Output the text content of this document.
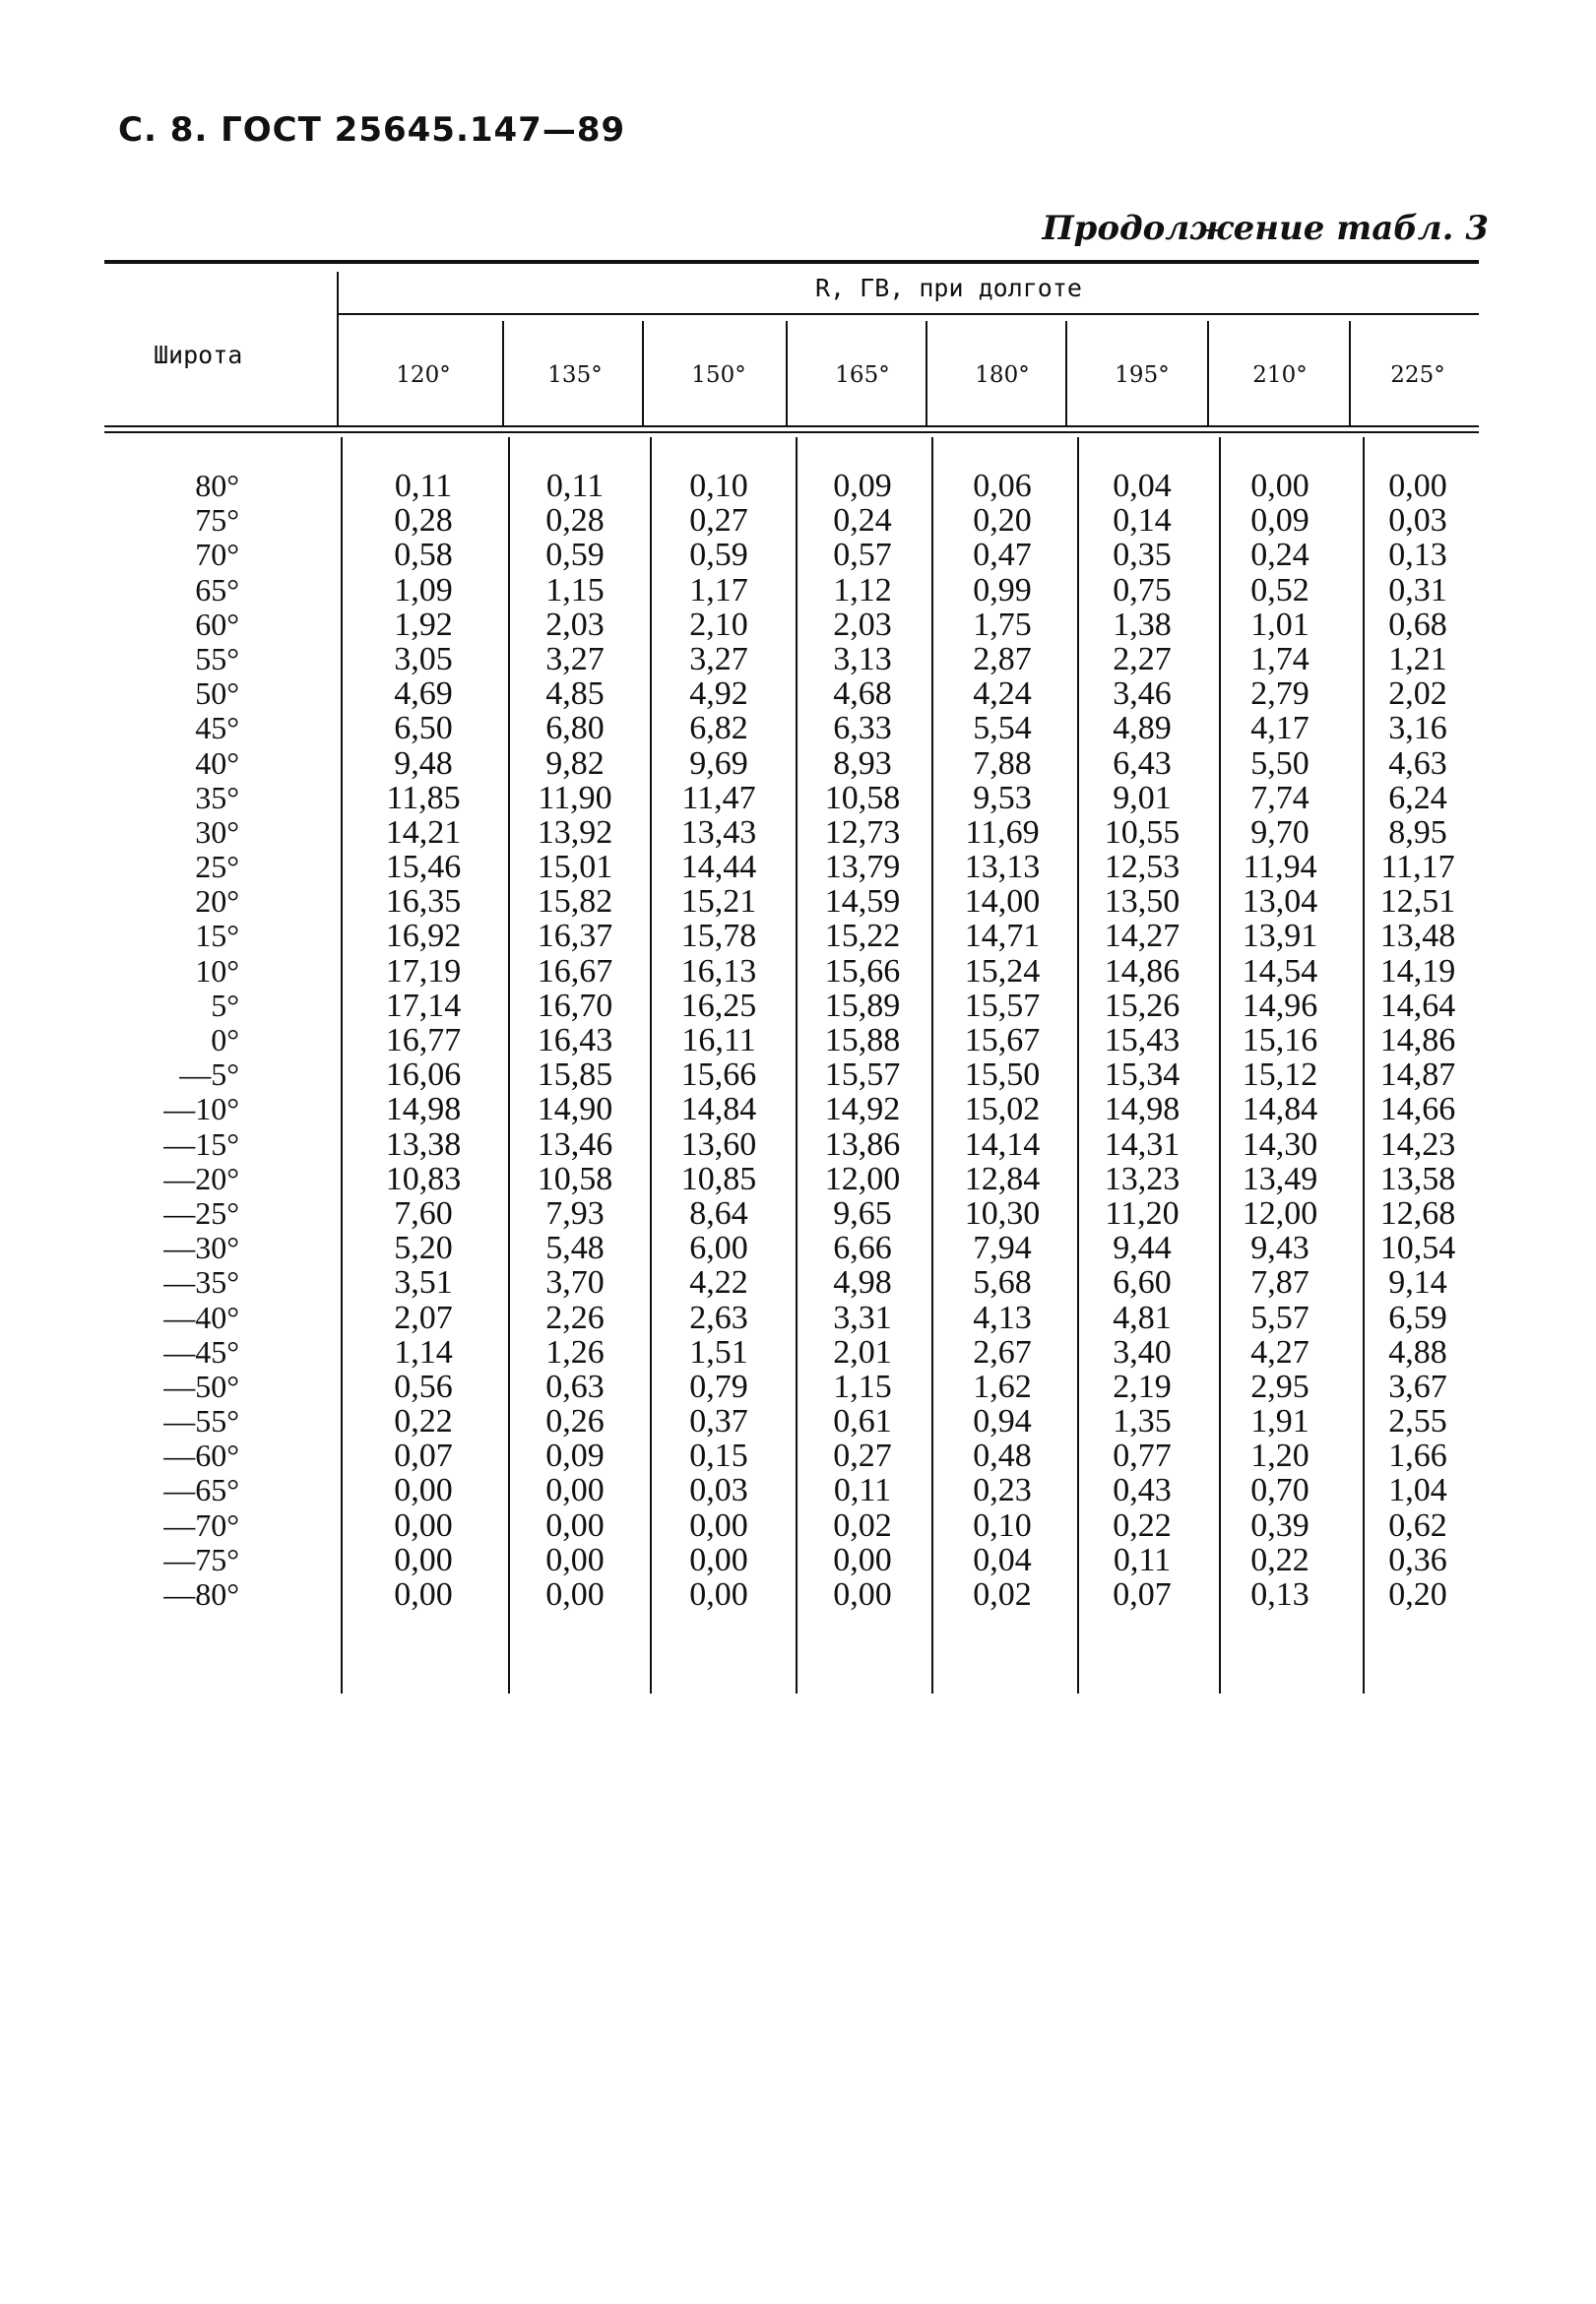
С. 8. ГОСТ 25645.147—89
Продолжение табл. 3
Широта
R, ГВ, при долготе
120°	135°	150°	165°	180°	195°	210°	225°
80°	0,11	0,11	0,10	0,09 0,06 0,04 0,00 0,00
75°	0,28	0,28	0,27	0,24 0,20 0,14 0,09 0,03
70°	0,58	0,59	0,59	0,57 0,47 0,35 0,24 0,13
65°	1,09	1,15	1,17	1,12 0,99 0,75 0,52 0,31
60°	1,92	2,03	2,10	2,03 1,75 1,38 1,01 0,68
55°	3,05	3,27	3,27	3,13 2,87 2,27 1,74 1,21
50°	4,69	4,85	4,92	4,68 4,24 3,46 2,79 2,02
45°	6,50	6,80	6,82	6,33 5,54 4,89 4,17 3,16
40°	9,48	9,82	9,69	8,93 7,88 6,43 5,50 4,63
35°	11,85 11,90 11,47 10,58 9,53 9,01 7,74 6,24
30°	14,21 13,92 13,43 12,73 11,69 10,55 9,70 8,95
25°	15,46 15,01 14,44 13,79 13,13 12,53 11,94 11,17
20°	16,35 15,82 15,21 14,59 14,00 13,50 13,04 12,51
15°	16,92 16,37 15,78 15,22 14,71 14,27 13,91 13,48
10°	17,19 16,67 16,13 15,66 15,24 14,86 14,54 14,19
5°	17,14 16,70 16,25 15,89 15,57 15,26 14,96 14,64
0°	16,77 16,43 16,11 15,88 15,67 15,43 15,16 14,86
—5°	16,06 15,85 15,66 15,57 15,50 15,34 15,12 14,87
—10°	14,98 14,90 14,84 14,92 15,02 14,98 14,84 14,66
—15°	13,38 13,46 13,60 13,86 14,14 14,31 14,30 14,23
—20°	10,83 10,58 10,85 12,00 12,84 13,23 13,49 13,58
—25°	7,60	7,93	8,64	9,65 10,30 11,20 12,00 12,68
—30°	5,20	5,48	6,00	6,66 7,94 9,44 9,43 10,54
—35°	3,51	3,70	4,22	4,98 5,68 6,60 7,87 9,14
—40°	2,07	2,26	2,63	3,31 4,13 4,81 5,57 6,59
—45°	1,14	1,26	1,51	2,01 2,67 3,40 4,27 4,88
—50°	0,56	0,63	0,79	1,15 1,62 2,19 2,95 3,67
—55°	0,22	0,26	0,37	0,61 0,94 1,35 1,91 2,55
—60°	0,07	0,09	0,15	0,27 0,48 0,77 1,20 1,66
—65°	0,00	0,00	0,03	0,11 0,23 0,43 0,70 1,04
—70°	0,00	0,00	0,00	0,02 0,10 0,22 0,39 0,62
—75°	0,00	0,00	0,00	0,00 0,04 0,11 0,22 0,36
—80°	0,00	0,00	0,00	0,00 0,02 0,07 0,13 0,20
